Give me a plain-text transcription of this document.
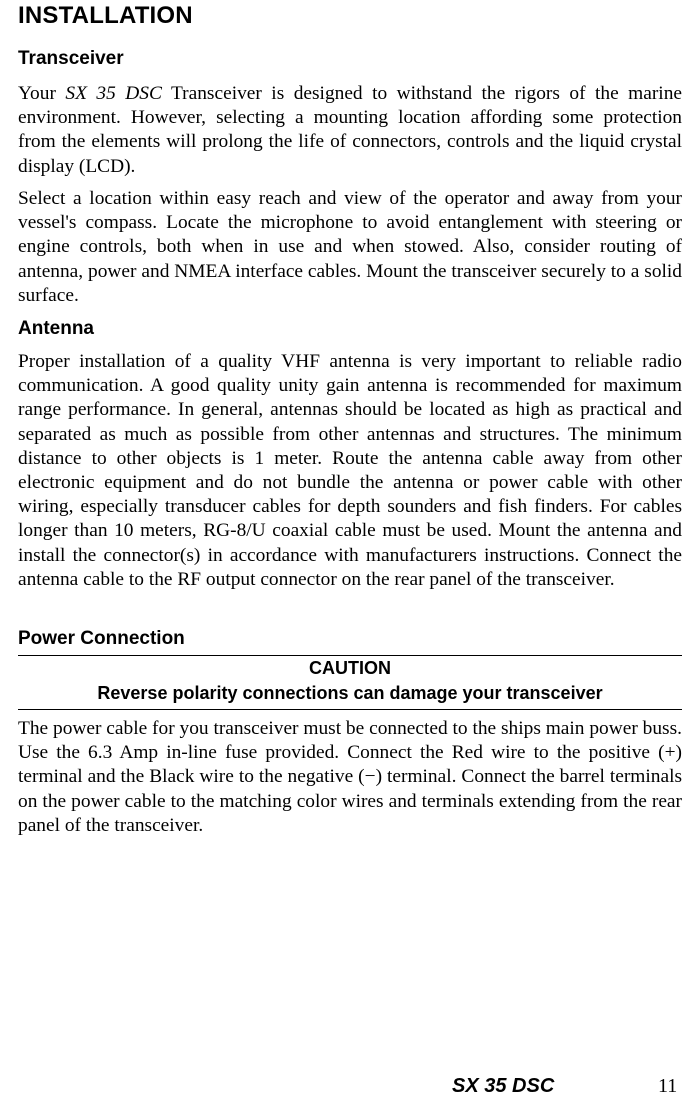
INSTALLATION
Transceiver

Your SX 35 DSC Transceiver is designed to withstand the rigors of the marine environment. However, selecting a mounting location affording some protection from the elements will prolong the life of connectors, controls and the liquid crystal display (LCD).

Select a location within easy reach and view of the operator and away from your vessel's compass. Locate the microphone to avoid entanglement with steering or engine controls, both when in use and when stowed. Also, consider routing of antenna, power and NMEA interface cables. Mount the transceiver securely to a solid surface.

Antenna

Proper installation of a quality VHF antenna is very important to reliable radio communication. A good quality unity gain antenna is recommended for maximum range performance. In general, antennas should be located as high as practical and separated as much as possible from other antennas and structures. The minimum distance to other objects is 1 meter. Route the antenna cable away from other electronic equipment and do not bundle the antenna or power cable with other wiring, especially transducer cables for depth sounders and fish finders. For cables longer than 10 meters, RG-8/U coaxial cable must be used. Mount the antenna and install the connector(s) in accordance with manufacturers instructions. Connect the antenna cable to the RF output connector on the rear panel of the transceiver.

Power Connection

CAUTION

Reverse polarity connections can damage your transceiver

The power cable for you transceiver must be connected to the ships main power buss. Use the 6.3 Amp in-line fuse provided. Connect the Red wire to the positive (+) terminal and the Black wire to the negative (−) terminal. Connect the barrel terminals on the power cable to the matching color wires and terminals extending from the rear panel of the transceiver.

SX 35 DSC	11
